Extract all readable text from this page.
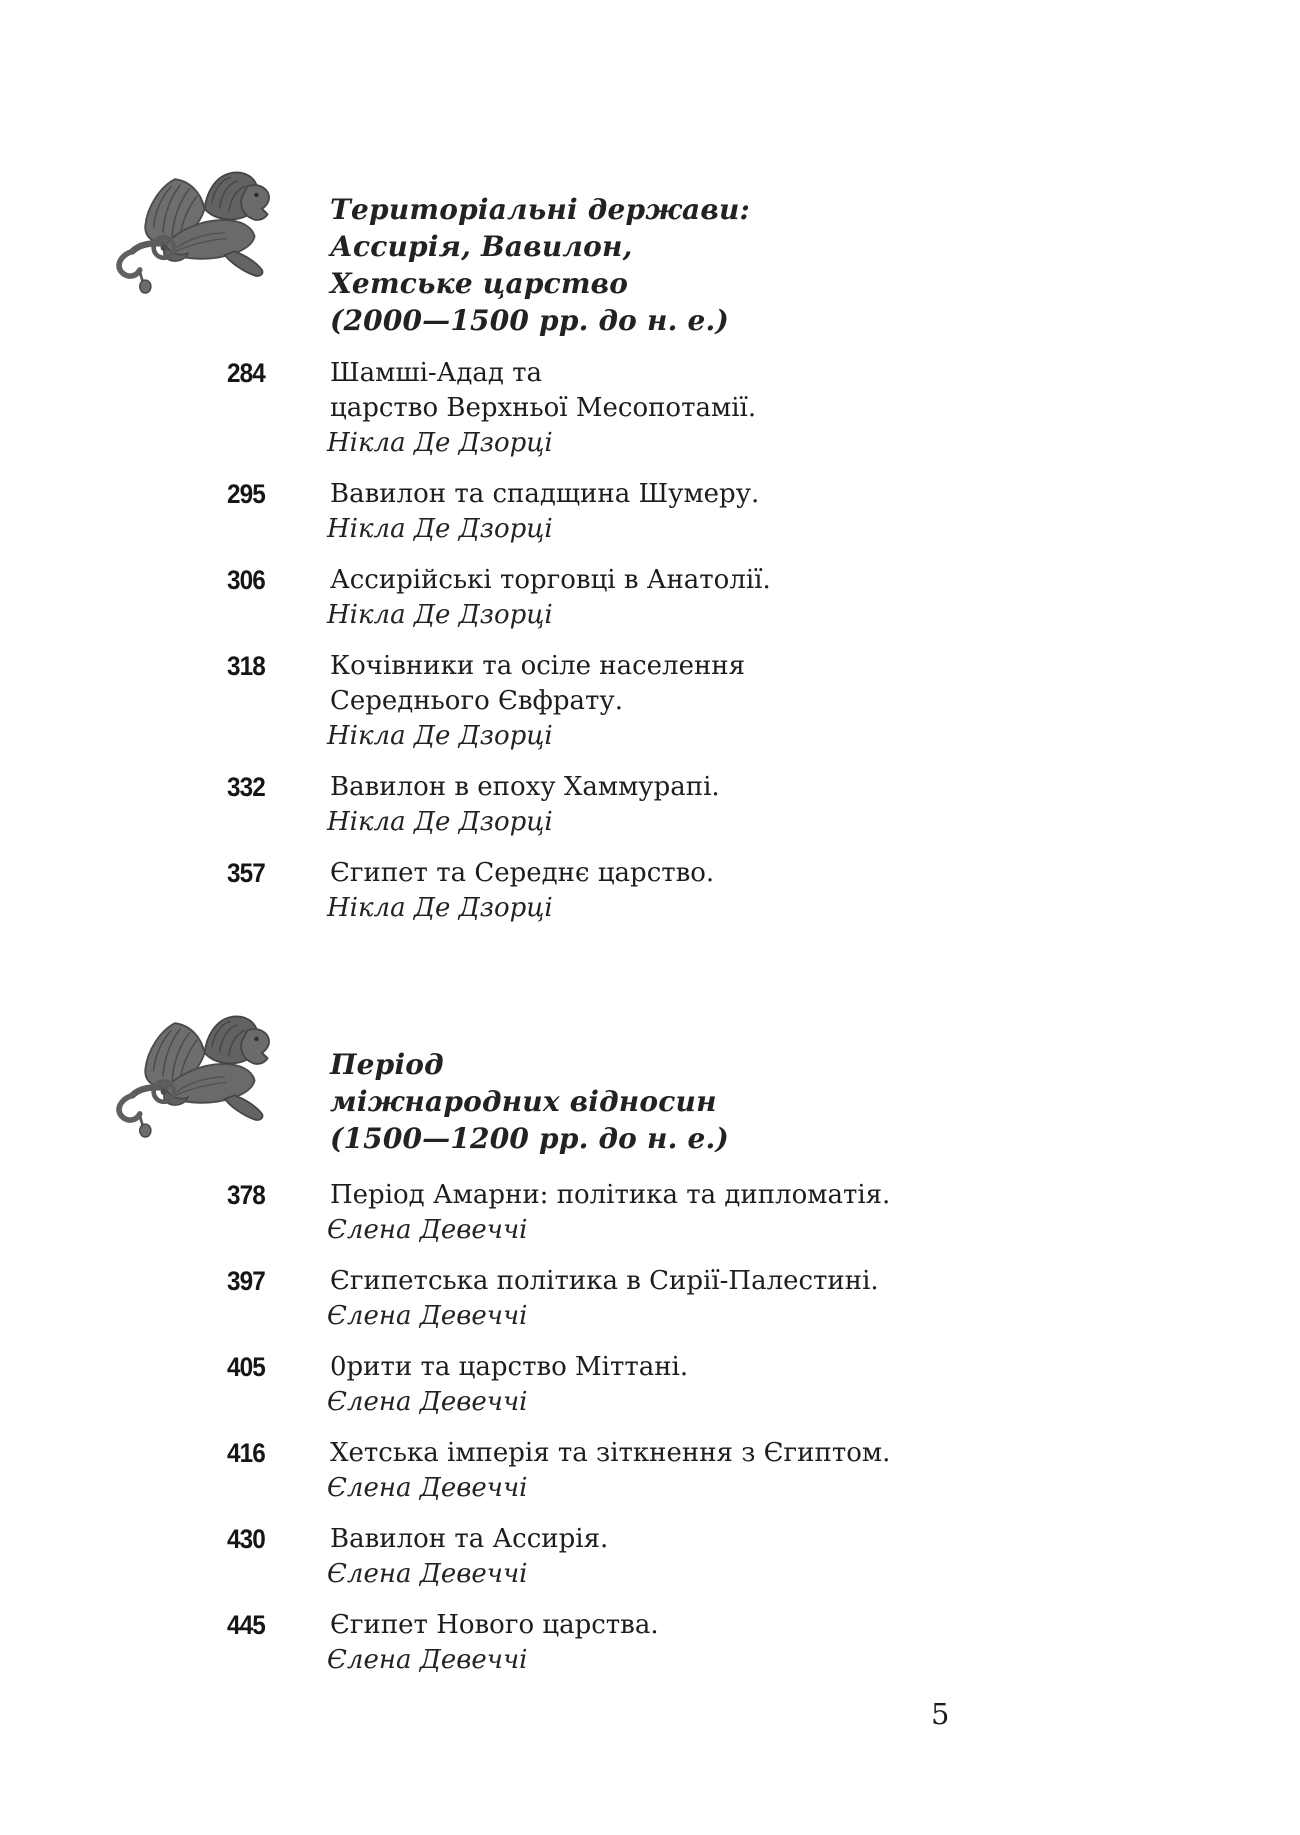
Територіальні держави:
Ассирія, Вавилон,
Хетське царство
(2000—1500 рр. до н. е.)
284	Шамші-Адад та
царство Верхньої Месопотамії.
Нікла Де Дзорці
295	Вавилон та спадщина Шумеру.
Нікла Де Дзорці
306	Ассирійські торговці в Анатолії.
Нікла Де Дзорці
318	Кочівники та осіле населення
Середнього Євфрату.
Нікла Де Дзорці
332	Вавилон в епоху Хаммурапі.
Нікла Де Дзорці
357	Єгипет та Середнє царство.
Нікла Де Дзорці
Період
міжнародних відносин
(1500—1200 рр. до н. е.)
378	Період Амарни: політика та дипломатія.
Єлена Девеччі
397	Єгипетська політика в Сирії-Палестині.
Єлена Девеччі
405	0рити та царство Міттані.
Єлена Девеччі
416	Хетська імперія та зіткнення з Єгиптом.
Єлена Девеччі
430	Вавилон та Ассирія.
Єлена Девеччі
445	Єгипет Нового царства.
Єлена Девеччі
5
